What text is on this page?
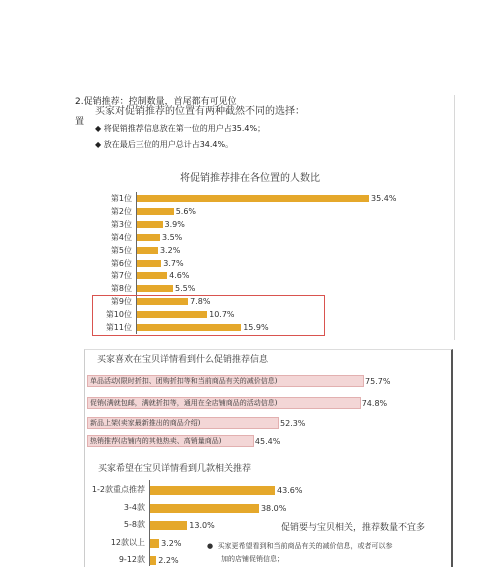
2.促销推荐：控制数量，首尾都有可见位
置
买家对促销推荐的位置有两种截然不同的选择：
◆ 将促销推荐信息放在第一位的用户占35.4%；
◆ 放在最后三位的用户总计占34.4%。
将促销推荐排在各位置的人数比
第1位	35.4%
第2位	5.6%
第3位	3.9%
第4位	3.5%
第5位	3.2%
第6位	3.7%
第7位	4.6%
第8位	5.5%
第9位	7.8%
第10位	10.7%
第11位	15.9%
买家喜欢在宝贝详情看到什么促销推荐信息
单品活动(限时折扣、团购折扣等和当前商品有关的减价信息)	75.7%
促销(满就包邮，满就折扣等，通用在全店铺商品的活动信息)	74.8%
新品上架(卖家最新推出的商品介绍)	52.3%
热销推荐(店铺内的其他热卖、高销量商品)	45.4%
买家希望在宝贝详情看到几款相关推荐
1-2款重点推荐	43.6%
3-4款	38.0%
5-8款	13.0%
12款以上 3.2%
9-12款 2.2%
促销要与宝贝相关，推荐数量不宜多
●  买家更希望看到和当前商品有关的减价信息，或者可以参
加的店铺促销信息；
